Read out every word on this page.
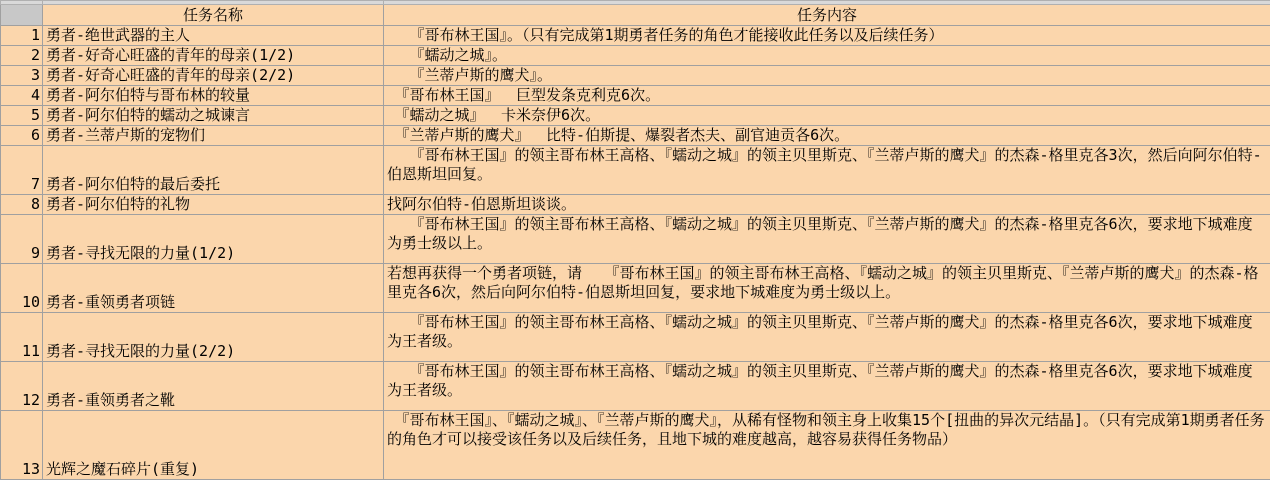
	任务名称	任务内容
1	勇者-绝世武器的主人	　　『哥布林王国』。（只有完成第1期勇者任务的角色才能接收此任务以及后续任务）
2	勇者-好奇心旺盛的青年的母亲(1/2)	　　『蠕动之城』。
3	勇者-好奇心旺盛的青年的母亲(2/2)	　　『兰蒂卢斯的鹰犬』。
4	勇者-阿尔伯特与哥布林的较量	　『哥布林王国』　 巨型发条克利克6次。
5	勇者-阿尔伯特的蠕动之城谏言	　『蠕动之城』　 卡米奈伊6次。
6	勇者-兰蒂卢斯的宠物们	　『兰蒂卢斯的鹰犬』　 比特-伯斯提、爆裂者杰夫、副官迪贡各6次。
7	勇者-阿尔伯特的最后委托	　　『哥布林王国』的领主哥布林王高格、『蠕动之城』的领主贝里斯克、『兰蒂卢斯的鹰犬』的杰森-格里克各3次，然后向阿尔伯特-伯恩斯坦回复。
8	勇者-阿尔伯特的礼物	找阿尔伯特-伯恩斯坦谈谈。
9	勇者-寻找无限的力量(1/2)	　　『哥布林王国』的领主哥布林王高格、『蠕动之城』的领主贝里斯克、『兰蒂卢斯的鹰犬』的杰森-格里克各6次，要求地下城难度为勇士级以上。
10	勇者-重领勇者项链	若想再获得一个勇者项链，请　　『哥布林王国』的领主哥布林王高格、『蠕动之城』的领主贝里斯克、『兰蒂卢斯的鹰犬』的杰森-格里克各6次，然后向阿尔伯特-伯恩斯坦回复，要求地下城难度为勇士级以上。
11	勇者-寻找无限的力量(2/2)	　　『哥布林王国』的领主哥布林王高格、『蠕动之城』的领主贝里斯克、『兰蒂卢斯的鹰犬』的杰森-格里克各6次，要求地下城难度为王者级。
12	勇者-重领勇者之靴	　　『哥布林王国』的领主哥布林王高格、『蠕动之城』的领主贝里斯克、『兰蒂卢斯的鹰犬』的杰森-格里克各6次，要求地下城难度为王者级。
13	光辉之魔石碎片(重复)	　『哥布林王国』、『蠕动之城』、『兰蒂卢斯的鹰犬』，从稀有怪物和领主身上收集15个[扭曲的异次元结晶]。（只有完成第1期勇者任务的角色才可以接受该任务以及后续任务，且地下城的难度越高，越容易获得任务物品）
